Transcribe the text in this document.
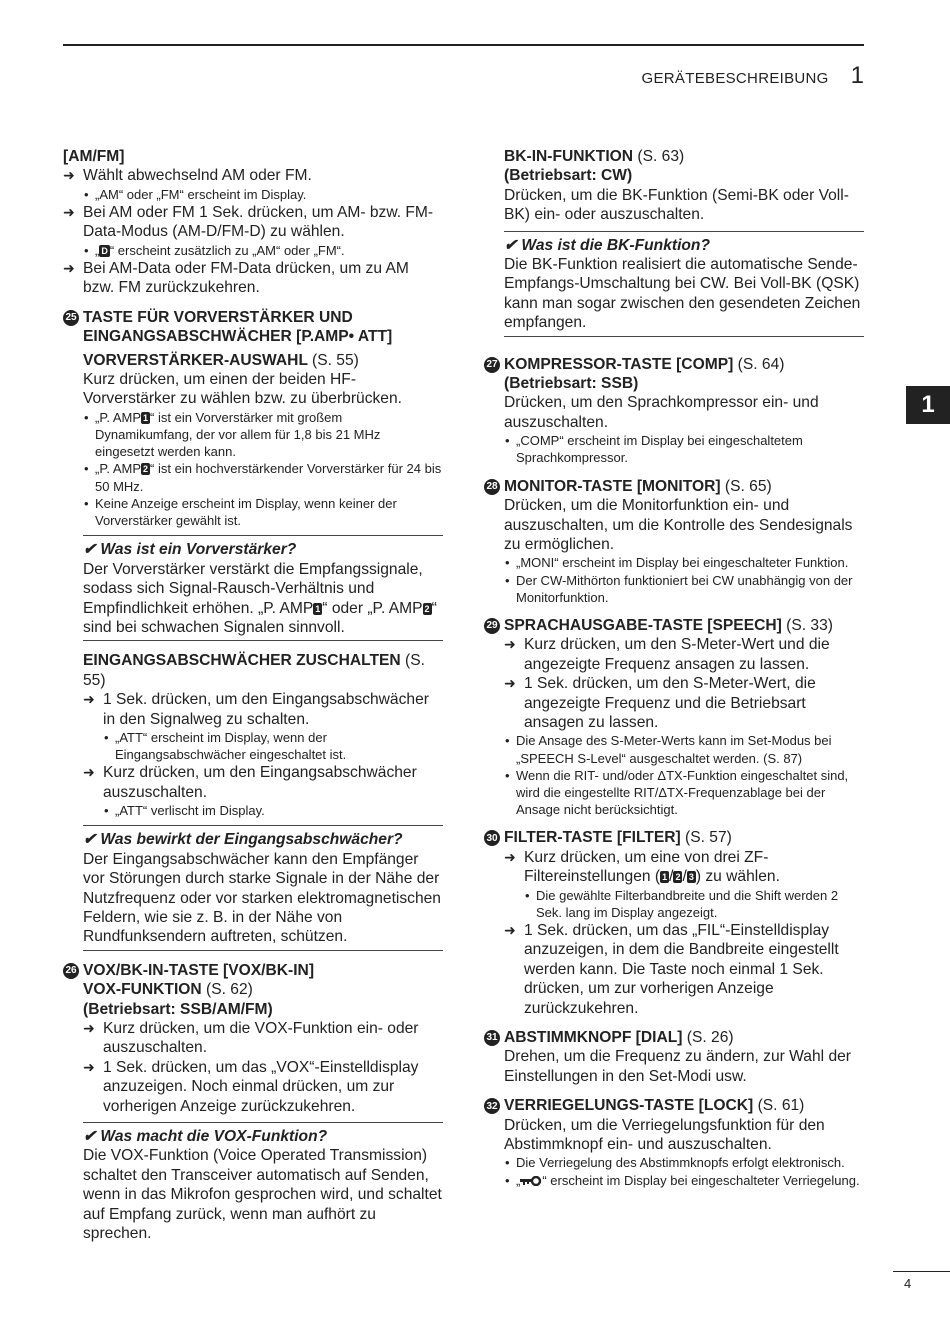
GERÄTEBESCHREIBUNG 1
1
4
[AM/FM]
➜ Wählt abwechselnd AM oder FM.
• „AM“ oder „FM“ erscheint im Display.
➜ Bei AM oder FM 1 Sek. drücken, um AM- bzw. FM-Data-Modus (AM-D/FM-D) zu wählen.
• „ D “ erscheint zusätzlich zu „AM“ oder „FM“.
➜ Bei AM-Data oder FM-Data drücken, um zu AM bzw. FM zurückzukehren.
25 TASTE FÜR VORVERSTÄRKER UND EINGANGSABSCHWÄCHER [P.AMP• ATT]
VORVERSTÄRKER-AUSWAHL (S. 55)
Kurz drücken, um einen der beiden HF-Vorverstärker zu wählen bzw. zu überbrücken.
• „P. AMP 1 “ ist ein Vorverstärker mit großem Dynamikumfang, der vor allem für 1,8 bis 21 MHz eingesetzt werden kann.
• „P. AMP 2 “ ist ein hochverstärkender Vorverstärker für 24 bis 50 MHz.
• Keine Anzeige erscheint im Display, wenn keiner der Vorverstärker gewählt ist.
✔ Was ist ein Vorverstärker?
Der Vorverstärker verstärkt die Empfangssignale, sodass sich Signal-Rausch-Verhältnis und Empfindlichkeit erhöhen. „P. AMP 1 “ oder „P. AMP 2 “ sind bei schwachen Signalen sinnvoll.
EINGANGSABSCHWÄCHER ZUSCHALTEN (S. 55)
➜ 1 Sek. drücken, um den Eingangsabschwächer in den Signalweg zu schalten.
• „ATT“ erscheint im Display, wenn der Eingangsabschwächer eingeschaltet ist.
➜ Kurz drücken, um den Eingangsabschwächer auszuschalten.
• „ATT“ verlischt im Display.
✔ Was bewirkt der Eingangsabschwächer?
Der Eingangsabschwächer kann den Empfänger vor Störungen durch starke Signale in der Nähe der Nutzfrequenz oder vor starken elektromagnetischen Feldern, wie sie z. B. in der Nähe von Rundfunksendern auftreten, schützen.
26 VOX/BK-IN-TASTE [VOX/BK-IN]
VOX-FUNKTION (S. 62)
(Betriebsart: SSB/AM/FM)
➜ Kurz drücken, um die VOX-Funktion ein- oder auszuschalten.
➜ 1 Sek. drücken, um das „VOX“-Einstelldisplay anzuzeigen. Noch einmal drücken, um zur vorherigen Anzeige zurückzukehren.
✔ Was macht die VOX-Funktion?
Die VOX-Funktion (Voice Operated Transmission) schaltet den Transceiver automatisch auf Senden, wenn in das Mikrofon gesprochen wird, und schaltet auf Empfang zurück, wenn man aufhört zu sprechen.
BK-IN-FUNKTION (S. 63)
(Betriebsart: CW)
Drücken, um die BK-Funktion (Semi-BK oder Voll-BK) ein- oder auszuschalten.
✔ Was ist die BK-Funktion?
Die BK-Funktion realisiert die automatische Sende-Empfangs-Umschaltung bei CW. Bei Voll-BK (QSK) kann man sogar zwischen den gesendeten Zeichen empfangen.
27 KOMPRESSOR-TASTE [COMP]
(S. 64)
(Betriebsart: SSB)
Drücken, um den Sprachkompressor ein- und auszuschalten.
• „COMP“ erscheint im Display bei eingeschaltetem Sprachkompressor.
28 MONITOR-TASTE [MONITOR]
(S. 65)
Drücken, um die Monitorfunktion ein- und auszuschalten, um die Kontrolle des Sendesignals zu ermöglichen.
• „MONI“ erscheint im Display bei eingeschalteter Funktion.
• Der CW-Mithörton funktioniert bei CW unabhängig von der Monitorfunktion.
29 SPRACHAUSGABE-TASTE [SPEECH]
(S. 33)
➜ Kurz drücken, um den S-Meter-Wert und die angezeigte Frequenz ansagen zu lassen.
➜ 1 Sek. drücken, um den S-Meter-Wert, die angezeigte Frequenz und die Betriebsart ansagen zu lassen.
• Die Ansage des S-Meter-Werts kann im Set-Modus bei „SPEECH S-Level“ ausgeschaltet werden. (S. 87)
• Wenn die RIT- und/oder ΔTX-Funktion eingeschaltet sind, wird die eingestellte RIT/ΔTX-Frequenzablage bei der Ansage nicht berücksichtigt.
30 FILTER-TASTE [FILTER]
(S. 57)
➜ Kurz drücken, um eine von drei ZF-Filtereinstellungen ( 1 / 2 / 3 ) zu wählen.
• Die gewählte Filterbandbreite und die Shift werden 2 Sek. lang im Display angezeigt.
➜ 1 Sek. drücken, um das „FIL“-Einstelldisplay anzuzeigen, in dem die Bandbreite eingestellt werden kann. Die Taste noch einmal 1 Sek. drücken, um zur vorherigen Anzeige zurückzukehren.
31 ABSTIMMKNOPF [DIAL]
(S. 26)
Drehen, um die Frequenz zu ändern, zur Wahl der Einstellungen in den Set-Modi usw.
32 VERRIEGELUNGS-TASTE [LOCK]
(S. 61)
Drücken, um die Verriegelungsfunktion für den Abstimmknopf ein- und auszuschalten.
• Die Verriegelung des Abstimmknopfs erfolgt elektronisch.
• „ “ erscheint im Display bei eingeschalteter Verriegelung.
